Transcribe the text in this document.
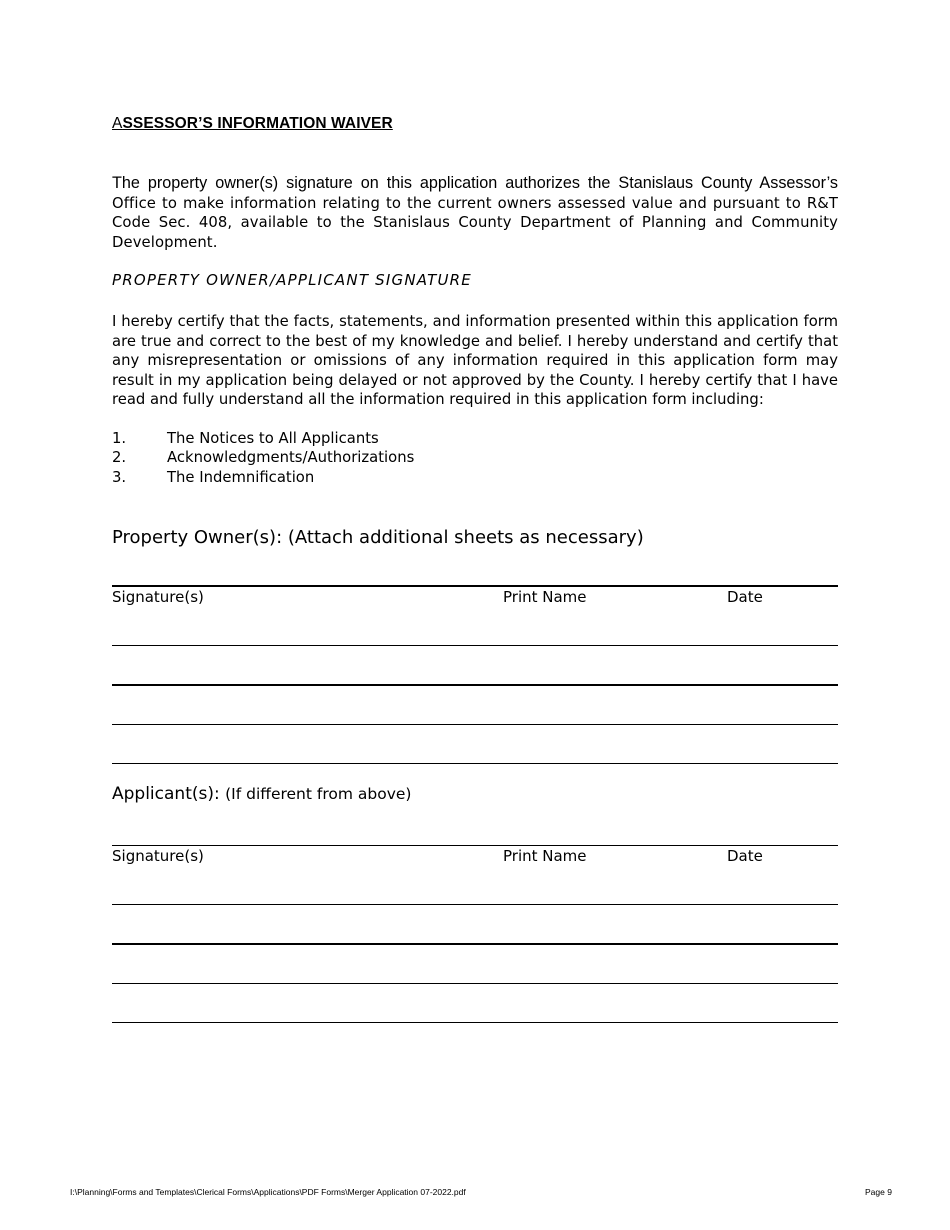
ASSESSOR’S INFORMATION WAIVER
The property owner(s) signature on this application authorizes the Stanislaus County Assessor’s Office to make information relating to the current owners assessed value and pursuant to R&T Code Sec. 408, available to the Stanislaus County Department of Planning and Community Development.
PROPERTY OWNER/APPLICANT SIGNATURE
I hereby certify that the facts, statements, and information presented within this application form are true and correct to the best of my knowledge and belief. I hereby understand and certify that any misrepresentation or omissions of any information required in this application form may result in my application being delayed or not approved by the County. I hereby certify that I have read and fully understand all the information required in this application form including:
1.	The Notices to All Applicants
2.	Acknowledgments/Authorizations
3.	The Indemnification
Property Owner(s): (Attach additional sheets as necessary)
Signature(s)	Print Name	Date
Applicant(s): (If different from above)
Signature(s)	Print Name	Date
I:\Planning\Forms and Templates\Clerical Forms\Applications\PDF Forms\Merger Application 07-2022.pdf	Page 9
